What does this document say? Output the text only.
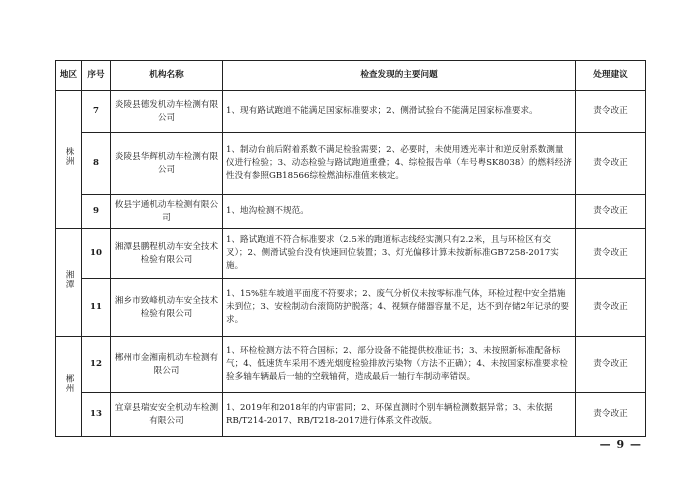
地区	序号	机构名称	检查发现的主要问题	处理建议
株洲	7	炎陵县德发机动车检测有限公司	1、现有路试跑道不能满足国家标准要求；2、侧滑试验台不能满足国家标准要求。	责令改正
	8	炎陵县华辉机动车检测有限公司	1、制动台前后附着系数不满足检验需要；2、必要时，未使用透光率计和逆反射系数测量仪进行检验；3、动态检验与路试跑道重叠；4、综检报告单（车号粤SK8038）的燃料经济性没有参照GB18566综检燃油标准值来核定。	责令改正
	9	攸县宇通机动车检测有限公司	1、地沟检测不规范。	责令改正
湘潭	10	湘潭县鹏程机动车安全技术检验有限公司	1、路试跑道不符合标准要求（2.5米的跑道标志线经实测只有2.2米，且与环检区有交叉）；2、侧滑试验台没有快速回位装置；3、灯光偏移计算未按新标准GB7258-2017实施。	责令改正
	11	湘乡市致峰机动车安全技术检验有限公司	1、15%驻车坡道平面度不符要求；2、废气分析仪未按零标准气体，环检过程中安全措施未到位；3、安检制动台滚筒防护脱落；4、视频存储器容量不足，达不到存储2年记录的要求。	责令改正
郴州	12	郴州市金湘南机动车检测有限公司	1、环检检测方法不符合国标；2、部分设备不能提供校准证书；3、未按照新标准配备标气；4、低速货车采用不透光烟度检验排放污染物（方法不正确）；4、未按国家标准要求检验多轴车辆最后一轴的空载轴荷，造成最后一轴行车制动率错误。	责令改正
	13	宜章县瑞安安全机动车检测有限公司	1、2019年和2018年的内审雷同；2、环保直测时个别车辆检测数据异常；3、未依据RB/T214-2017、RB/T218-2017进行体系文件改版。	责令改正
— 9 —
